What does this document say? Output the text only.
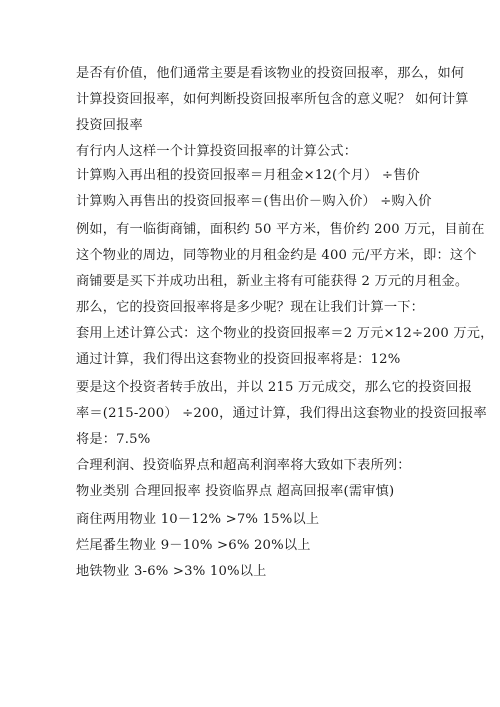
是否有价值，他们通常主要是看该物业的投资回报率，那么，如何
计算投资回报率，如何判断投资回报率所包含的意义呢？ 如何计算
投资回报率
有行内人这样一个计算投资回报率的计算公式：
计算购入再出租的投资回报率＝月租金×12(个月） ÷售价
计算购入再售出的投资回报率＝(售出价－购入价） ÷购入价
例如，有一临街商铺，面积约 50 平方米，售价约 200 万元，目前在
这个物业的周边，同等物业的月租金约是 400 元/平方米，即：这个
商铺要是买下并成功出租，新业主将有可能获得 2 万元的月租金。
那么，它的投资回报率将是多少呢？现在让我们计算一下：
套用上述计算公式：这个物业的投资回报率＝2 万元×12÷200 万元，
通过计算，我们得出这套物业的投资回报率将是：12%
要是这个投资者转手放出，并以 215 万元成交，那么它的投资回报
率＝(215-200） ÷200，通过计算，我们得出这套物业的投资回报率
将是：7.5%
合理利润、投资临界点和超高利润率将大致如下表所列：
物业类别 合理回报率 投资临界点 超高回报率(需审慎)
商住两用物业 10－12% >7% 15%以上
烂尾番生物业 9－10% >6% 20%以上
地铁物业 3-6% >3% 10%以上
